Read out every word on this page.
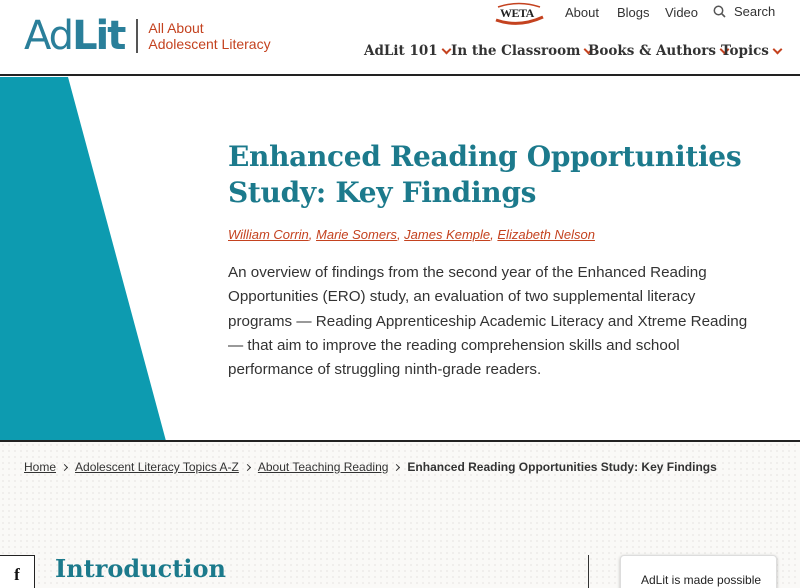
AdLit All About
Adolescent Literacy
WETA About Blogs Video	Search
AdLit 101 In the Classroom Books & Authors Topics
Enhanced Reading Opportunities
Study: Key Findings
William Corrin, Marie Somers, James Kemple, Elizabeth Nelson

An overview of findings from the second year of the Enhanced Reading Opportunities (ERO) study, an evaluation of two supplemental literacy programs — Reading Apprenticeship Academic Literacy and Xtreme Reading — that aim to improve the reading comprehension skills and school performance of struggling ninth-grade readers.

Home Adolescent Literacy Topics A-Z About Teaching Reading Enhanced Reading Opportunities Study: Key Findings
f Introduction	AdLit is made possible
